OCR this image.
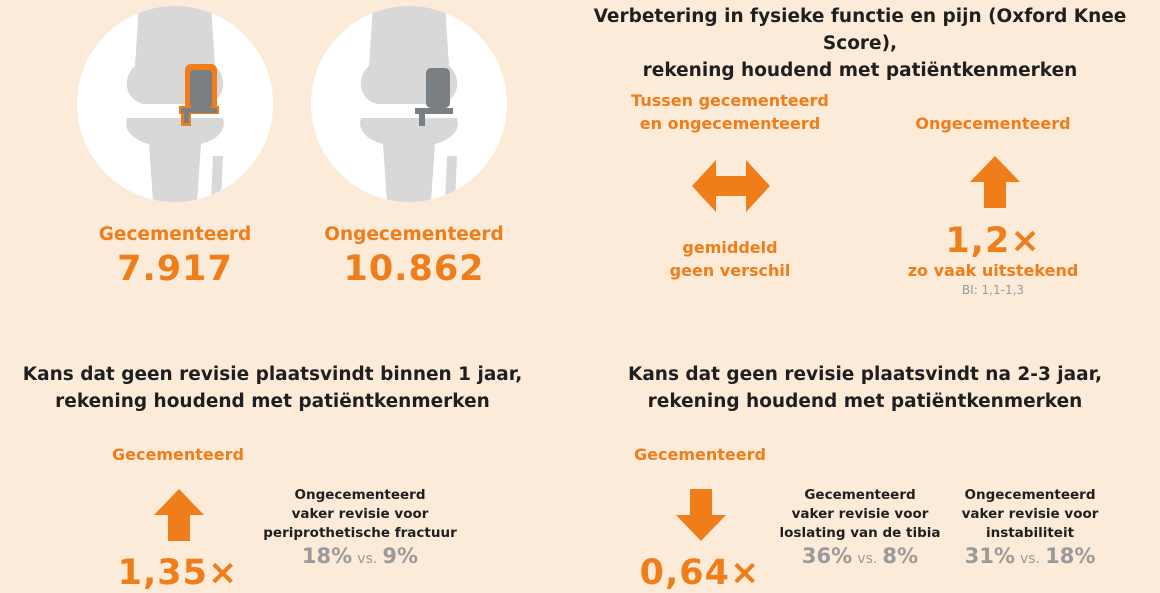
Gecementeerd
7.917
Ongecementeerd
10.862
Verbetering in fysieke functie en pijn (Oxford Knee Score),
rekening houdend met patiëntkenmerken
Tussen gecementeerd
en ongecementeerd
gemiddeld
geen verschil
Ongecementeerd
1,2×
zo vaak uitstekend
BI: 1,1-1,3
Kans dat geen revisie plaatsvindt binnen 1 jaar,
rekening houdend met patiëntkenmerken
Gecementeerd
1,35×
Ongecementeerd
vaker revisie voor
periprothetische fractuur
18% vs. 9%
Kans dat geen revisie plaatsvindt na 2-3 jaar,
rekening houdend met patiëntkenmerken
Gecementeerd
0,64×
Gecementeerd
vaker revisie voor
loslating van de tibia
36% vs. 8%
Ongecementeerd
vaker revisie voor
instabiliteit
31% vs. 18%
